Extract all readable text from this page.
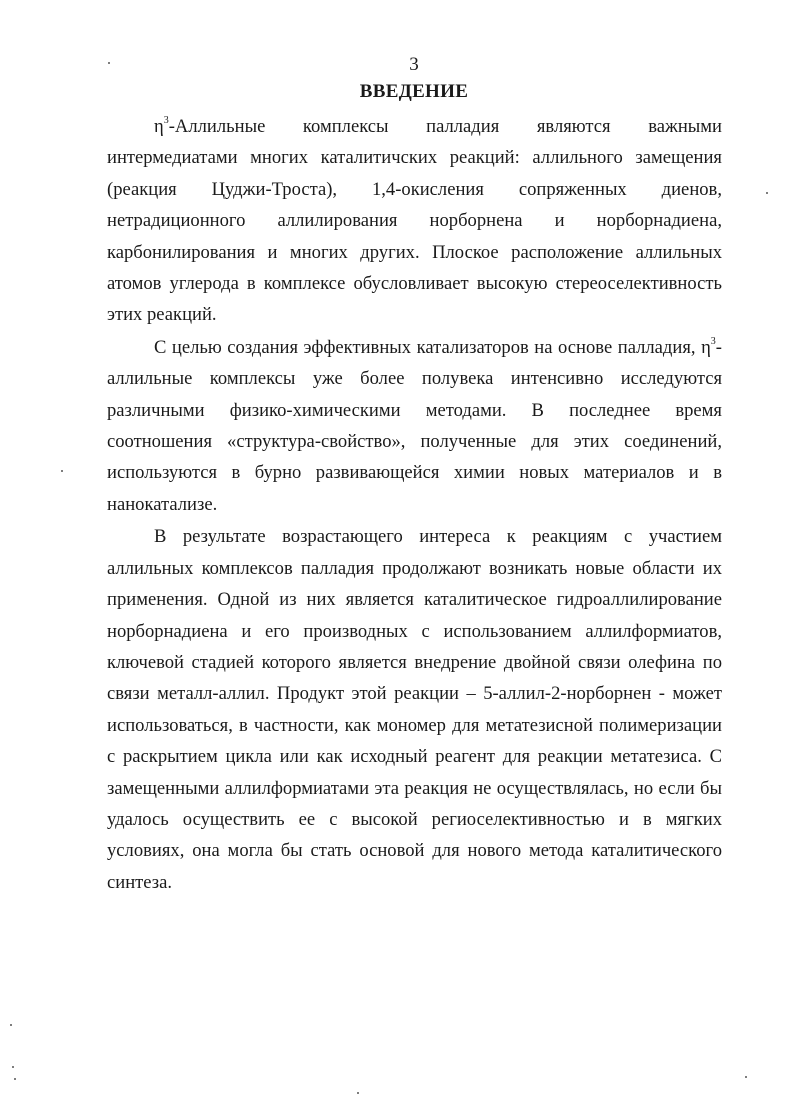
3
ВВЕДЕНИЕ

$\eta^3$-Аллильные комплексы палладия являются важными интермедиатами многих каталитичских реакций: аллильного замещения (реакция Цуджи-Троста), 1,4-окисления сопряженных диенов, нетрадиционного аллилирования норборнена и норборнадиена, карбонилирования и многих других. Плоское расположение аллильных атомов углерода в комплексе обусловливает высокую стереоселективность этих реакций.

С целью создания эффективных катализаторов на основе палладия, $\eta^3$-аллильные комплексы уже более полувека интенсивно исследуются различными физико-химическими методами. В последнее время соотношения «структура-свойство», полученные для этих соединений, используются в бурно развивающейся химии новых материалов и в нанокатализе.

В результате возрастающего интереса к реакциям с участием аллильных комплексов палладия продолжают возникать новые области их применения. Одной из них является каталитическое гидроаллилирование норборнадиена и его производных с использованием аллилформиатов, ключевой стадией которого является внедрение двойной связи олефина по связи металл-аллил. Продукт этой реакции – 5-аллил-2-норборнен - может использоваться, в частности, как мономер для метатезисной полимеризации с раскрытием цикла или как исходный реагент для реакции метатезиса. С замещенными аллилформиатами эта реакция не осуществлялась, но если бы удалось осуществить ее с высокой региоселективностью и в мягких условиях, она могла бы стать основой для нового метода каталитического синтеза.
